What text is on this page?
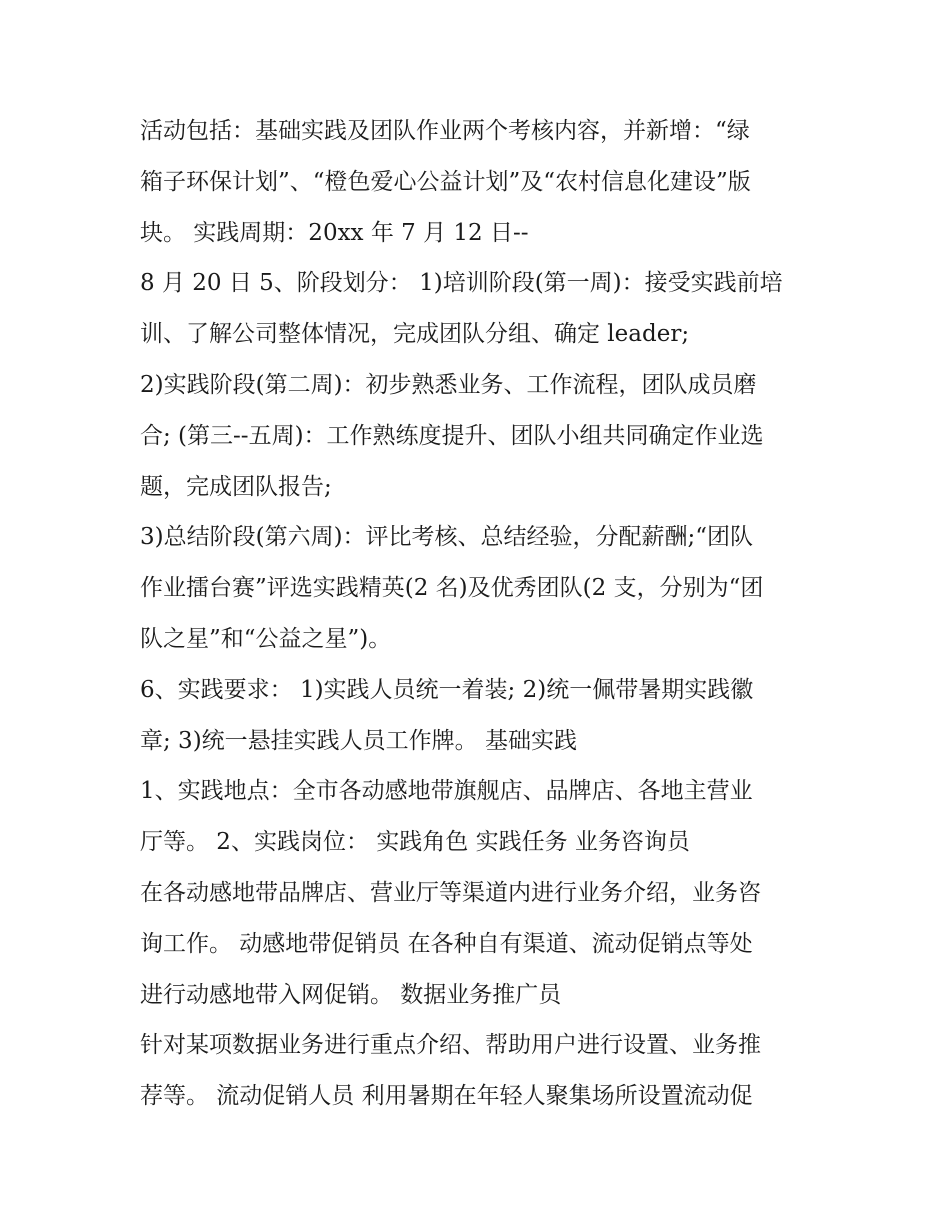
活动包括：基础实践及团队作业两个考核内容，并新增：“绿
箱子环保计划”、“橙色爱心公益计划”及“农村信息化建设”版
块。 实践周期：20xx 年 7 月 12 日--
8 月 20 日 5、阶段划分： 1)培训阶段(第一周)：接受实践前培
训、了解公司整体情况，完成团队分组、确定 leader;
2)实践阶段(第二周)：初步熟悉业务、工作流程，团队成员磨
合; (第三--五周)：工作熟练度提升、团队小组共同确定作业选
题，完成团队报告;
3)总结阶段(第六周)：评比考核、总结经验，分配薪酬;“团队
作业擂台赛”评选实践精英(2 名)及优秀团队(2 支，分别为“团
队之星”和“公益之星”)。
6、实践要求： 1)实践人员统一着装; 2)统一佩带暑期实践徽
章; 3)统一悬挂实践人员工作牌。 基础实践
1、实践地点：全市各动感地带旗舰店、品牌店、各地主营业
厅等。 2、实践岗位： 实践角色 实践任务 业务咨询员
在各动感地带品牌店、营业厅等渠道内进行业务介绍，业务咨
询工作。 动感地带促销员 在各种自有渠道、流动促销点等处
进行动感地带入网促销。 数据业务推广员
针对某项数据业务进行重点介绍、帮助用户进行设置、业务推
荐等。 流动促销人员 利用暑期在年轻人聚集场所设置流动促
